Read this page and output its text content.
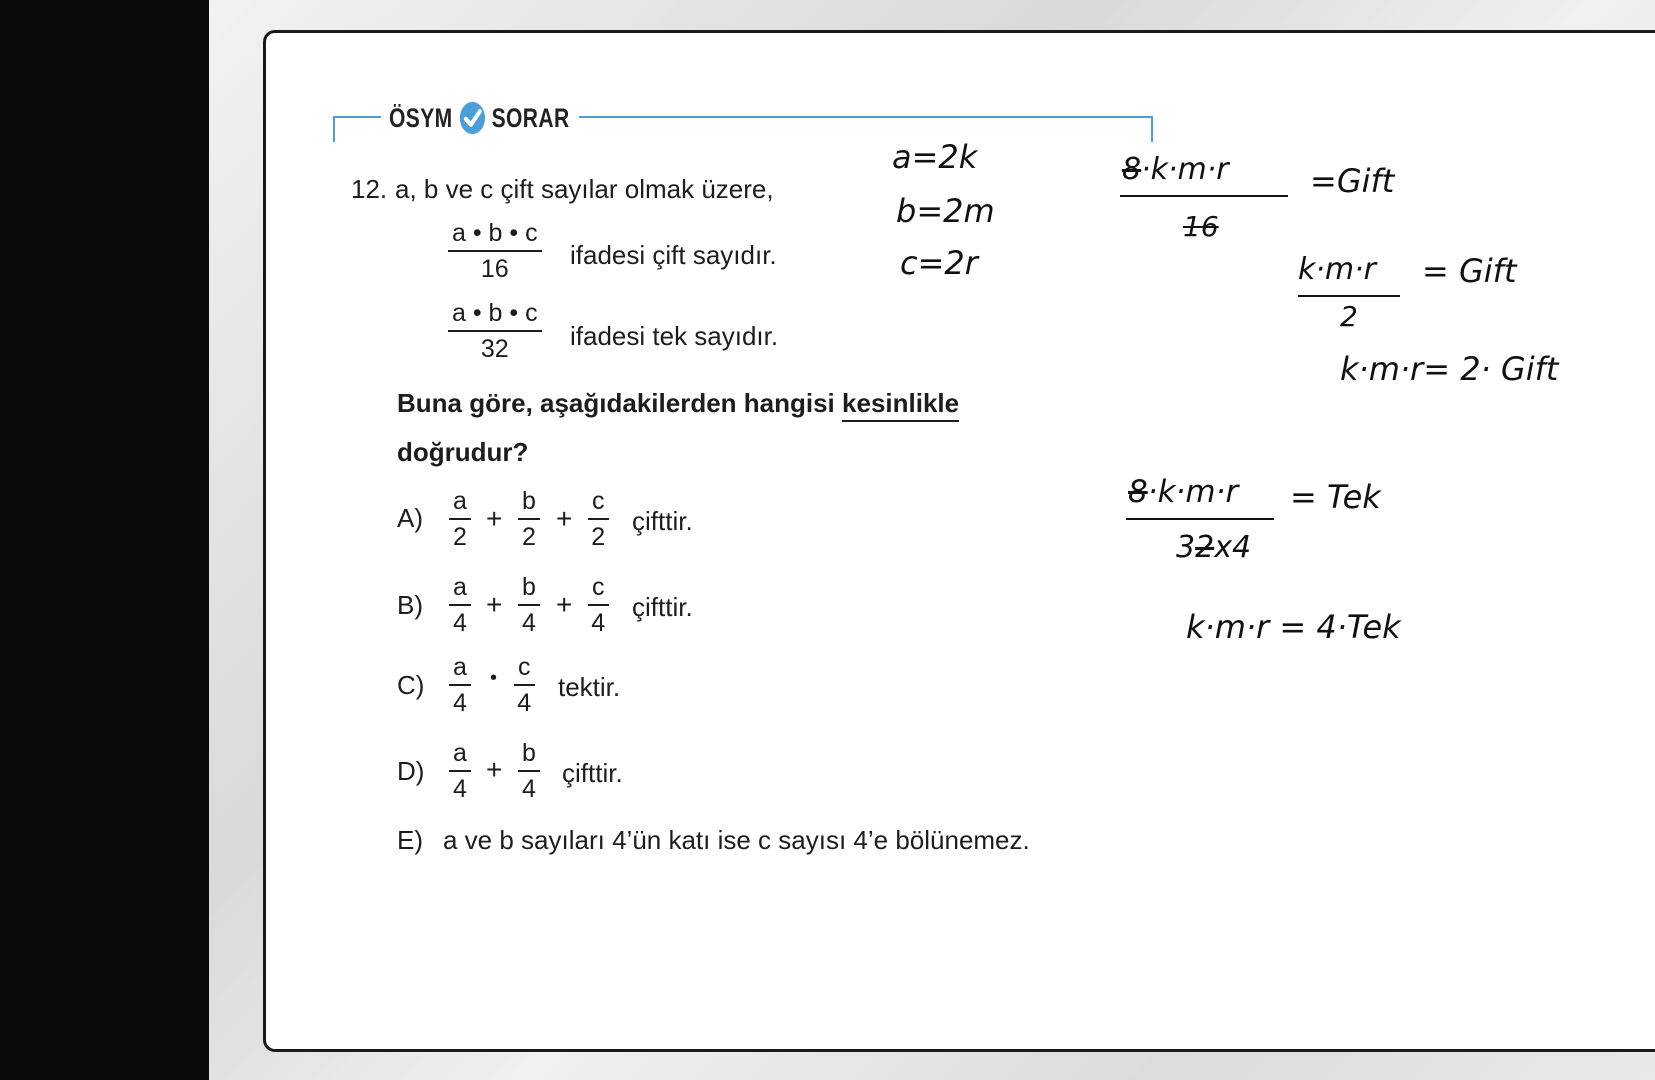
ÖSYM SORAR
12. a, b ve c çift sayılar olmak üzere,
a • b • c
16 ifadesi çift sayıdır.
a • b • c
32 ifadesi tek sayıdır.
Buna göre, aşağıdakilerden hangisi kesinlikle
doğrudur?
A)
a
2
+
b
2
+
c
2
çifttir.
B)
a
4
+
b
4
+
c
4
çifttir.
C)
a
4
• c
4
tektir.
D)
a
4
+
b
4
çifttir.
E) a ve b sayıları 4’ün katı ise c sayısı 4’e bölünemez.
a=2k
b=2m
c=2r
8·k·m·r
16
=Gift
k·m·r
2
= Gift
k·m·r= 2· Gift
8·k·m·r
32x4
= Tek
k·m·r = 4·Tek
